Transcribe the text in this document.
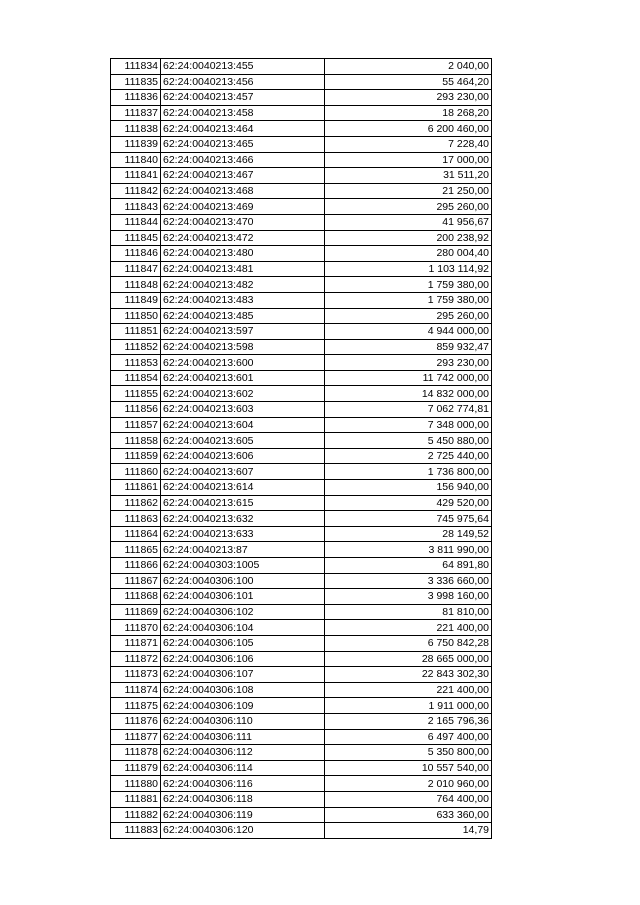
111834	62:24:0040213:455	2 040,00
111835	62:24:0040213:456	55 464,20
111836	62:24:0040213:457	293 230,00
111837	62:24:0040213:458	18 268,20
111838	62:24:0040213:464	6 200 460,00
111839	62:24:0040213:465	7 228,40
111840	62:24:0040213:466	17 000,00
111841	62:24:0040213:467	31 511,20
111842	62:24:0040213:468	21 250,00
111843	62:24:0040213:469	295 260,00
111844	62:24:0040213:470	41 956,67
111845	62:24:0040213:472	200 238,92
111846	62:24:0040213:480	280 004,40
111847	62:24:0040213:481	1 103 114,92
111848	62:24:0040213:482	1 759 380,00
111849	62:24:0040213:483	1 759 380,00
111850	62:24:0040213:485	295 260,00
111851	62:24:0040213:597	4 944 000,00
111852	62:24:0040213:598	859 932,47
111853	62:24:0040213:600	293 230,00
111854	62:24:0040213:601	11 742 000,00
111855	62:24:0040213:602	14 832 000,00
111856	62:24:0040213:603	7 062 774,81
111857	62:24:0040213:604	7 348 000,00
111858	62:24:0040213:605	5 450 880,00
111859	62:24:0040213:606	2 725 440,00
111860	62:24:0040213:607	1 736 800,00
111861	62:24:0040213:614	156 940,00
111862	62:24:0040213:615	429 520,00
111863	62:24:0040213:632	745 975,64
111864	62:24:0040213:633	28 149,52
111865	62:24:0040213:87	3 811 990,00
111866	62:24:0040303:1005	64 891,80
111867	62:24:0040306:100	3 336 660,00
111868	62:24:0040306:101	3 998 160,00
111869	62:24:0040306:102	81 810,00
111870	62:24:0040306:104	221 400,00
111871	62:24:0040306:105	6 750 842,28
111872	62:24:0040306:106	28 665 000,00
111873	62:24:0040306:107	22 843 302,30
111874	62:24:0040306:108	221 400,00
111875	62:24:0040306:109	1 911 000,00
111876	62:24:0040306:110	2 165 796,36
111877	62:24:0040306:111	6 497 400,00
111878	62:24:0040306:112	5 350 800,00
111879	62:24:0040306:114	10 557 540,00
111880	62:24:0040306:116	2 010 960,00
111881	62:24:0040306:118	764 400,00
111882	62:24:0040306:119	633 360,00
111883	62:24:0040306:120	14,79
